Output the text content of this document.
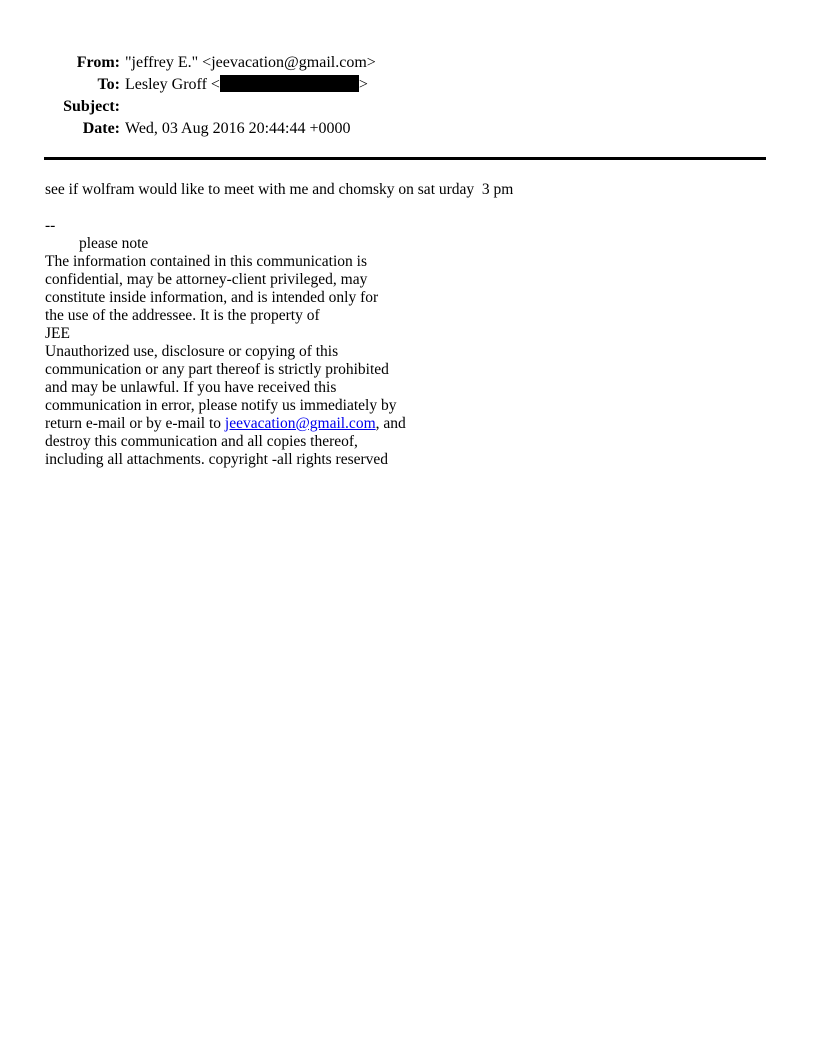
From: "jeffrey E." <jeevacation@gmail.com>
To: Lesley Groff <	>
Subject:
Date: Wed, 03 Aug 2016 20:44:44 +0000
see if wolfram would like to meet with me and chomsky on sat urday  3 pm
--
please note
The information contained in this communication is
confidential, may be attorney-client privileged, may
constitute inside information, and is intended only for
the use of the addressee. It is the property of
JEE
Unauthorized use, disclosure or copying of this
communication or any part thereof is strictly prohibited
and may be unlawful. If you have received this
communication in error, please notify us immediately by
return e-mail or by e-mail to jeevacation@gmail.com, and
destroy this communication and all copies thereof,
including all attachments. copyright -all rights reserved
